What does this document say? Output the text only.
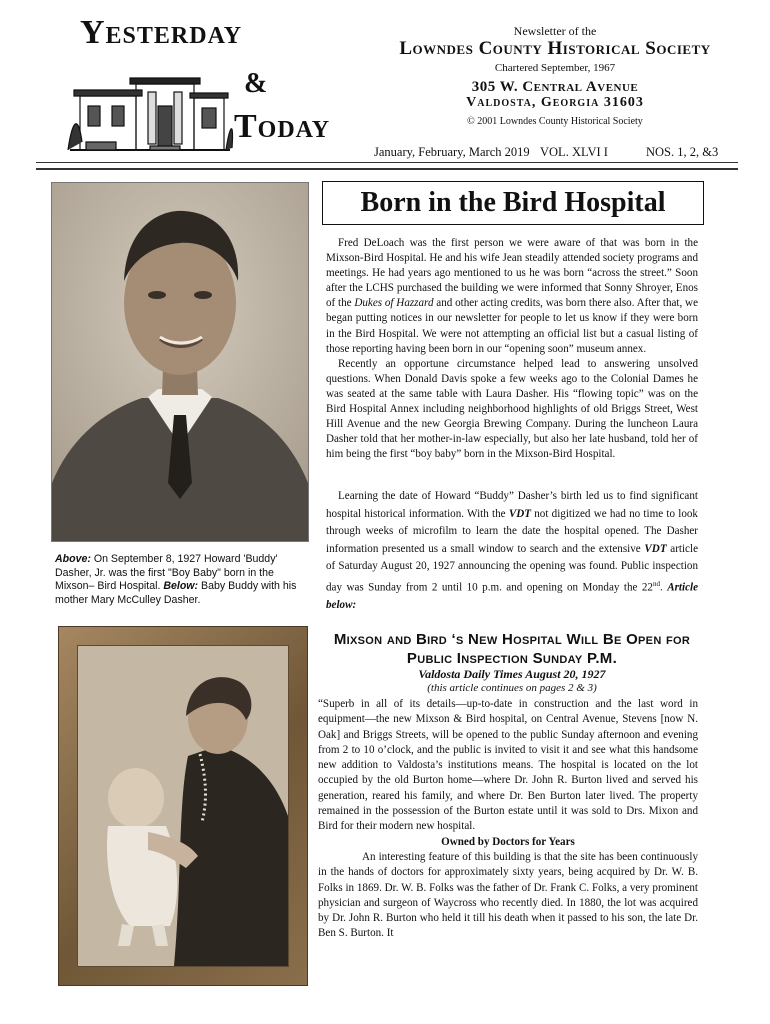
Yesterday
&
Today
Newsletter of the
Lowndes County Historical Society
Chartered September, 1967
305 W. Central Avenue
Valdosta, Georgia 31603
© 2001 Lowndes County Historical Society
January, February, March 2019 VOL. XLVI I	NOS. 1, 2, &3
Above: On September 8, 1927 Howard 'Buddy' Dasher, Jr. was the first "Boy Baby" born in the Mixson– Bird Hospital. Below: Baby Buddy with his mother Mary McCulley Dasher.
Born in the Bird Hospital

Fred DeLoach was the first person we were aware of that was born in the Mixson-Bird Hospital. He and his wife Jean steadily attended society programs and meetings. He had years ago mentioned to us he was born “across the street.” Soon after the LCHS purchased the building we were informed that Sonny Shroyer, Enos of the Dukes of Hazzard and other acting credits, was born there also. After that, we began putting notices in our newsletter for people to let us know if they were born in the Bird Hospital. We were not attempting an official list but a casual listing of those reporting having been born in our “opening soon” museum annex.

Recently an opportune circumstance helped lead to answering unsolved questions. When Donald Davis spoke a few weeks ago to the Colonial Dames he was seated at the same table with Laura Dasher. His “flowing topic” was on the Bird Hospital Annex including neighborhood highlights of old Briggs Street, West Hill Avenue and the new Georgia Brewing Company. During the luncheon Laura Dasher told that her mother-in-law especially, but also her late husband, told her of him being the first “boy baby” born in the Mixson-Bird Hospital.

Learning the date of Howard “Buddy” Dasher’s birth led us to find significant hospital historical information. With the VDT not digitized we had no time to look through weeks of microfilm to learn the date the hospital opened. The Dasher information presented us a small window to search and the extensive VDT article of Saturday August 20, 1927 announcing the opening was found. Public inspection day was Sunday from 2 until 10 p.m. and opening on Monday the 22nd. Article below:

Mixson and Bird ‘s New Hospital Will Be Open for Public Inspection Sunday P.M.
Valdosta Daily Times August 20, 1927
(this article continues on pages 2 & 3)

“Superb in all of its details—up-to-date in construction and the last word in equipment—the new Mixson & Bird hospital, on Central Avenue, Stevens [now N. Oak] and Briggs Streets, will be opened to the public Sunday afternoon and evening from 2 to 10 o’clock, and the public is invited to visit it and see what this handsome new addition to Valdosta’s institutions means. The hospital is located on the lot occupied by the old Burton home—where Dr. John R. Burton lived and served his generation, reared his family, and where Dr. Ben Burton later lived. The property remained in the possession of the Burton estate until it was sold to Drs. Mixon and Bird for their modern new hospital.

Owned by Doctors for Years

An interesting feature of this building is that the site has been continuously in the hands of doctors for approximately sixty years, being acquired by Dr. W. B. Folks in 1869. Dr. W. B. Folks was the father of Dr. Frank C. Folks, a very prominent physician and surgeon of Waycross who recently died. In 1880, the lot was acquired by Dr. John R. Burton who held it till his death when it passed to his son, the late Dr. Ben S. Burton. It
